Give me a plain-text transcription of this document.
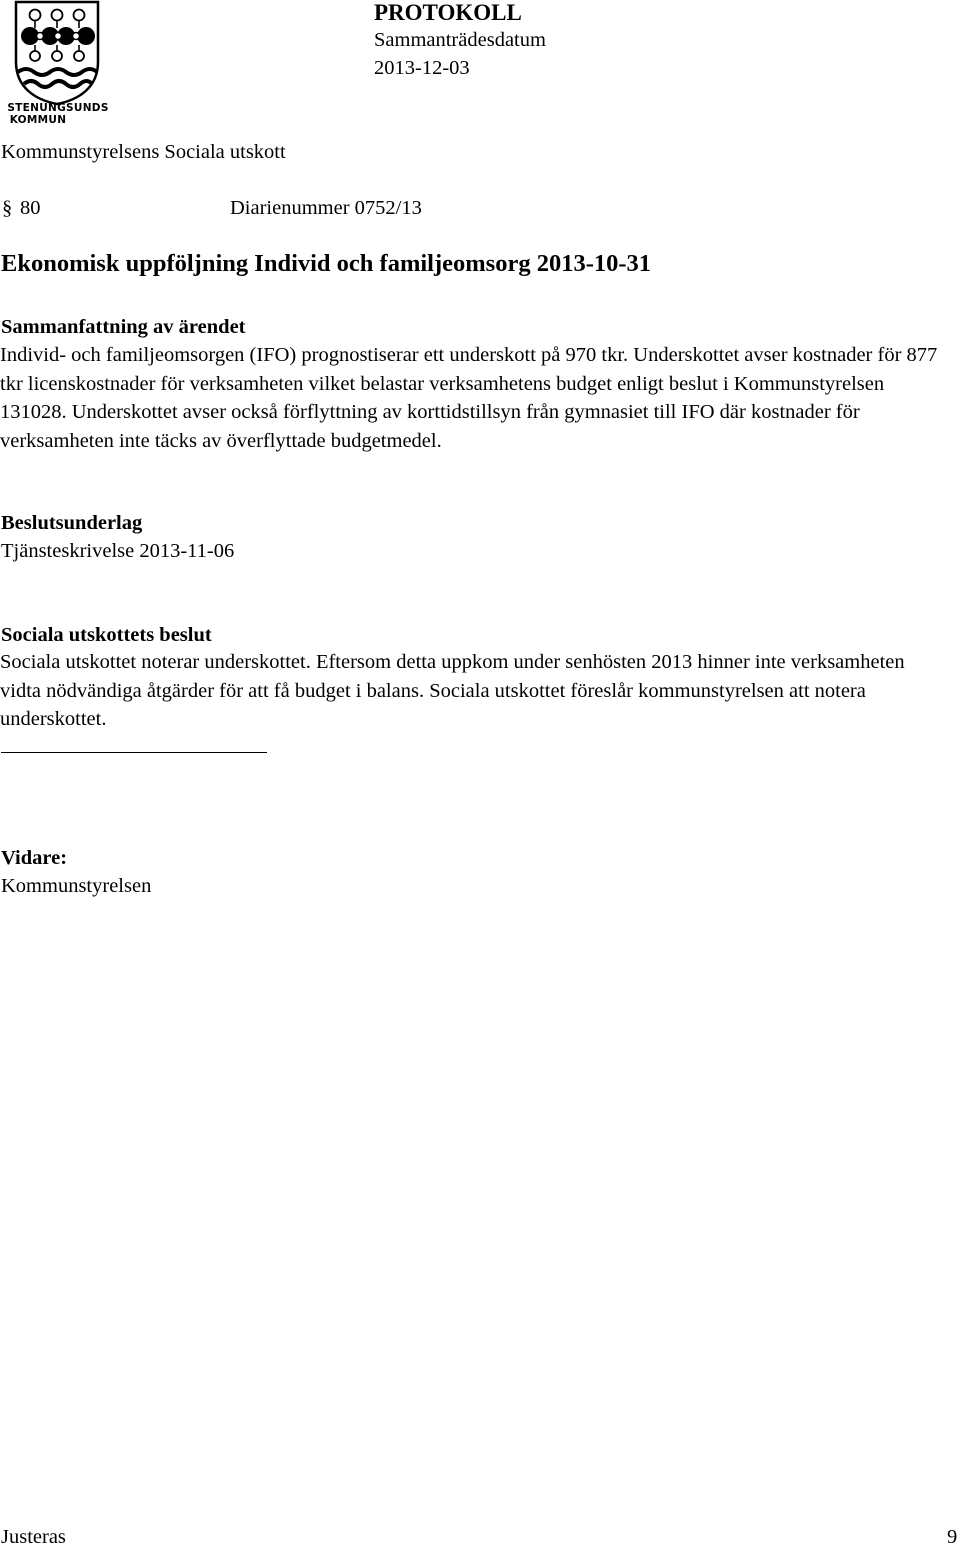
STENUNGSUNDS
KOMMUN
PROTOKOLL
Sammanträdesdatum
2013-12-03
Kommunstyrelsens Sociala utskott
§ 80	Diarienummer 0752/13
Ekonomisk uppföljning Individ och familjeomsorg 2013-10-31
Sammanfattning av ärendet
Individ- och familjeomsorgen (IFO) prognostiserar ett underskott på 970 tkr. Underskottet avser kostnader för 877 tkr licenskostnader för verksamheten vilket belastar verksamhetens budget enligt beslut i Kommunstyrelsen 131028. Underskottet avser också förflyttning av korttidstillsyn från gymnasiet till IFO där kostnader för verksamheten inte täcks av överflyttade budgetmedel.
Beslutsunderlag
Tjänsteskrivelse 2013-11-06
Sociala utskottets beslut
Sociala utskottet noterar underskottet. Eftersom detta uppkom under senhösten 2013 hinner inte verksamheten vidta nödvändiga åtgärder för att få budget i balans. Sociala utskottet föreslår kommunstyrelsen att notera underskottet.
Vidare:
Kommunstyrelsen
Justeras	9
